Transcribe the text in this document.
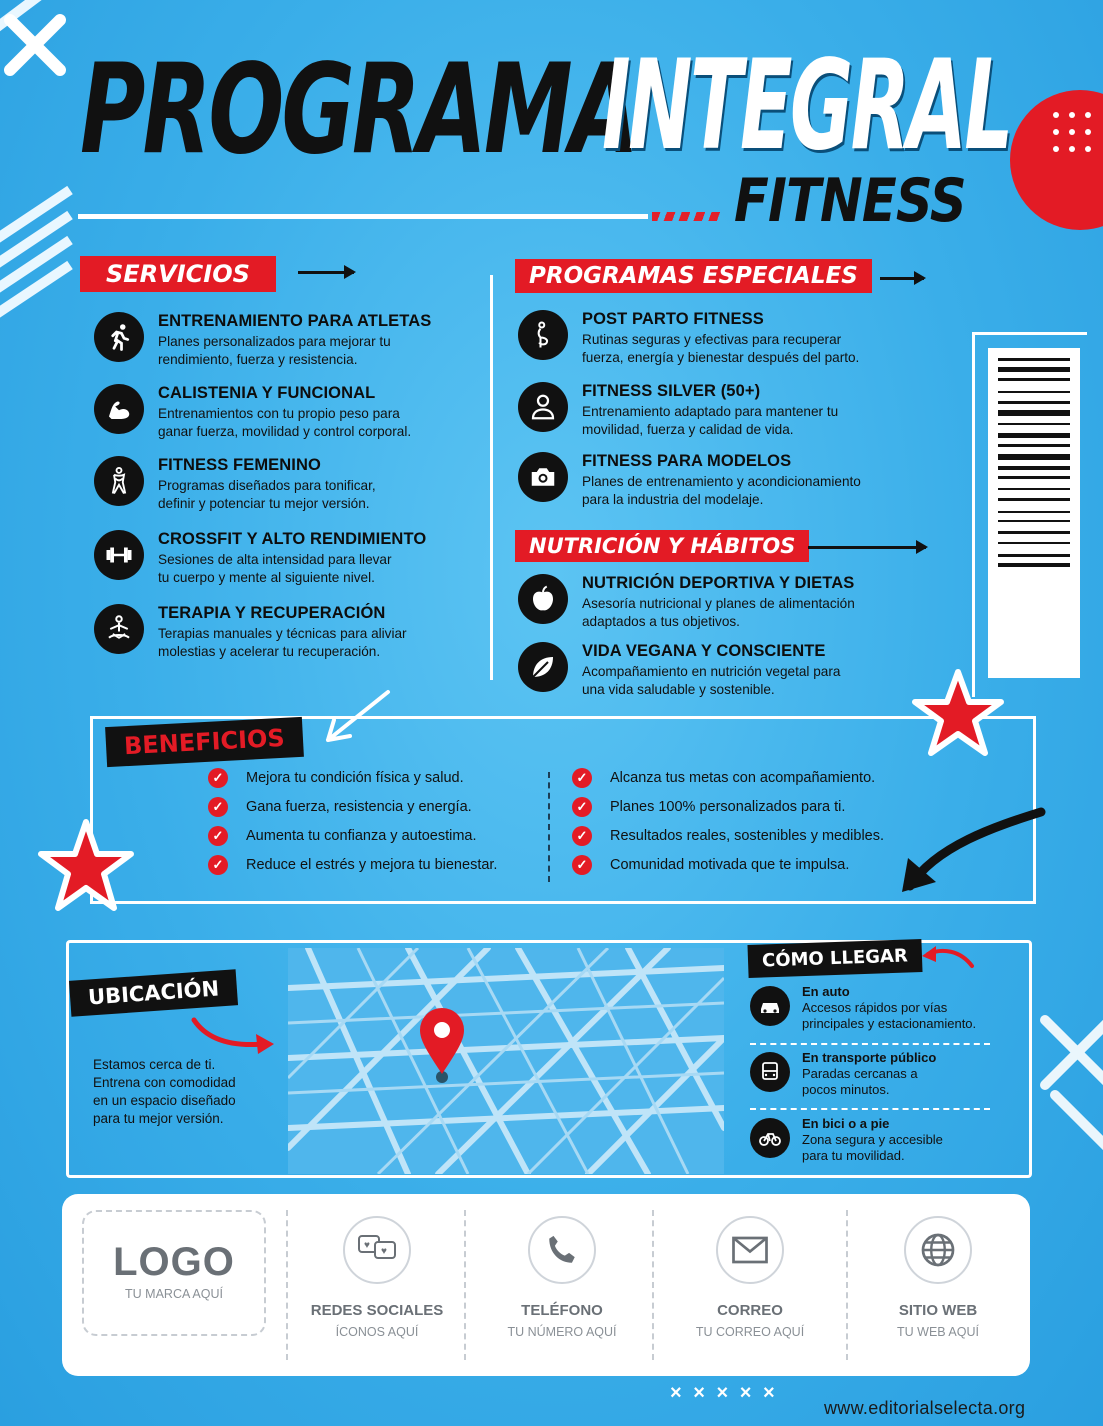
PROGRAMA
INTEGRAL
FITNESS
SERVICIOS
ENTRENAMIENTO PARA ATLETAS
Planes personalizados para mejorar tu
rendimiento, fuerza y resistencia.
CALISTENIA Y FUNCIONAL
Entrenamientos con tu propio peso para
ganar fuerza, movilidad y control corporal.
FITNESS FEMENINO
Programas diseñados para tonificar,
definir y potenciar tu mejor versión.
CROSSFIT Y ALTO RENDIMIENTO
Sesiones de alta intensidad para llevar
tu cuerpo y mente al siguiente nivel.
TERAPIA Y RECUPERACIÓN
Terapias manuales y técnicas para aliviar
molestias y acelerar tu recuperación.
PROGRAMAS ESPECIALES
POST PARTO FITNESS
Rutinas seguras y efectivas para recuperar
fuerza, energía y bienestar después del parto.
FITNESS SILVER (50+)
Entrenamiento adaptado para mantener tu
movilidad, fuerza y calidad de vida.
FITNESS PARA MODELOS
Planes de entrenamiento y acondicionamiento
para la industria del modelaje.
NUTRICIÓN Y HÁBITOS
NUTRICIÓN DEPORTIVA Y DIETAS
Asesoría nutricional y planes de alimentación
adaptados a tus objetivos.
VIDA VEGANA Y CONSCIENTE
Acompañamiento en nutrición vegetal para
una vida saludable y sostenible.
BENEFICIOS
✓	Mejora tu condición física y salud.
✓	Gana fuerza, resistencia y energía.
✓	Aumenta tu confianza y autoestima.
✓	Reduce el estrés y mejora tu bienestar.
✓	Alcanza tus metas con acompañamiento.
✓	Planes 100% personalizados para ti.
✓	Resultados reales, sostenibles y medibles.
✓	Comunidad motivada que te impulsa.
UBICACIÓN
Estamos cerca de ti.
Entrena con comodidad
en un espacio diseñado
para tu mejor versión.
CÓMO LLEGAR
En auto
Accesos rápidos por vías
principales y estacionamiento.
En transporte público
Paradas cercanas a
pocos minutos.
En bici o a pie
Zona segura y accesible
para tu movilidad.
LOGO
TU MARCA AQUÍ
♥
♥
REDES SOCIALES
ÍCONOS AQUÍ
TELÉFONO
TU NÚMERO AQUÍ
CORREO
TU CORREO AQUÍ
SITIO WEB
TU WEB AQUÍ
× × × × ×
www.editorialselecta.org
